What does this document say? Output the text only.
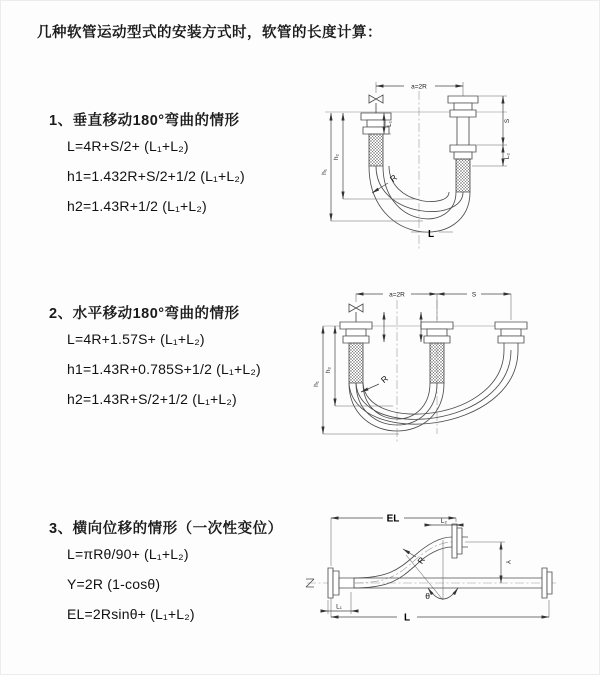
几种软管运动型式的安装方式时，软管的长度计算：
1、垂直移动180°弯曲的情形
L=4R+S/2+ (L₁+L₂)
h1=1.432R+S/2+1/2 (L₁+L₂)
h2=1.43R+1/2 (L₁+L₂)
a=2R
h₁
h₂
L₁
S
L₂
R
L
2、水平移动180°弯曲的情形
L=4R+1.57S+ (L₁+L₂)
h1=1.43R+0.785S+1/2 (L₁+L₂)
h2=1.43R+S/2+1/2 (L₁+L₂)
a=2R	S
h₁
h₂
R
3、横向位移的情形（一次性变位）
L=πRθ/90+ (L₁+L₂)
Y=2R (1-cosθ)
EL=2Rsinθ+ (L₁+L₂)
θ
R
EL	L₂
Y
L
L₁
